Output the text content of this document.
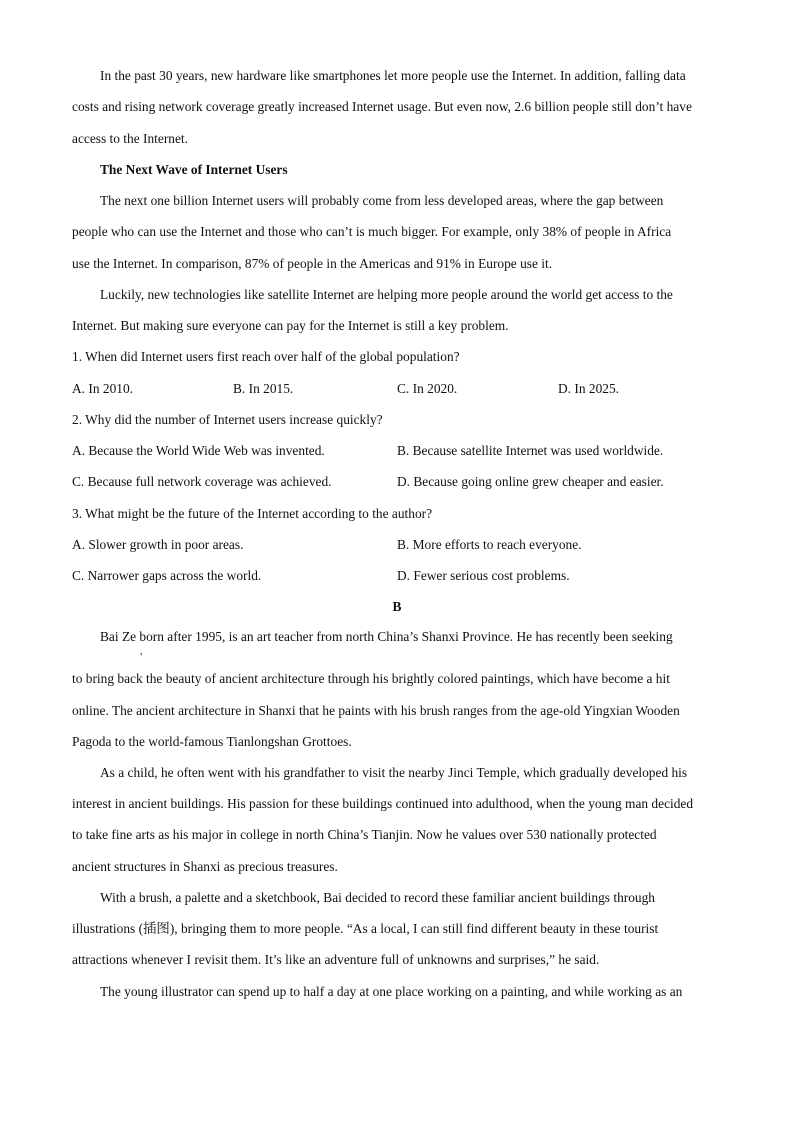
In the past 30 years, new hardware like smartphones let more people use the Internet. In addition, falling data
costs and rising network coverage greatly increased Internet usage. But even now, 2.6 billion people still don’t have
access to the Internet.
The Next Wave of Internet Users
The next one billion Internet users will probably come from less developed areas, where the gap between
people who can use the Internet and those who can’t is much bigger. For example, only 38% of people in Africa
use the Internet. In comparison, 87% of people in the Americas and 91% in Europe use it.
Luckily, new technologies like satellite Internet are helping more people around the world get access to the
Internet. But making sure everyone can pay for the Internet is still a key problem.
1. When did Internet users first reach over half of the global population?
A. In 2010.	B. In 2015.	C. In 2020.	D. In 2025.
2. Why did the number of Internet users increase quickly?
A. Because the World Wide Web was invented.	B. Because satellite Internet was used worldwide.
C. Because full network coverage was achieved.	D. Because going online grew cheaper and easier.
3. What might be the future of the Internet according to the author?
A. Slower growth in poor areas.	B. More efforts to reach everyone.
C. Narrower gaps across the world.	D. Fewer serious cost problems.
B
Bai Ze born after 1995, is an art teacher from north China’s Shanxi Province. He has recently been seeking
,
to bring back the beauty of ancient architecture through his brightly colored paintings, which have become a hit
online. The ancient architecture in Shanxi that he paints with his brush ranges from the age-old Yingxian Wooden
Pagoda to the world-famous Tianlongshan Grottoes.
As a child, he often went with his grandfather to visit the nearby Jinci Temple, which gradually developed his
interest in ancient buildings. His passion for these buildings continued into adulthood, when the young man decided
to take fine arts as his major in college in north China’s Tianjin. Now he values over 530 nationally protected
ancient structures in Shanxi as precious treasures.
With a brush, a palette and a sketchbook, Bai decided to record these familiar ancient buildings through
illustrations (插图), bringing them to more people. “As a local, I can still find different beauty in these tourist
attractions whenever I revisit them. It’s like an adventure full of unknowns and surprises,” he said.
The young illustrator can spend up to half a day at one place working on a painting, and while working as an
